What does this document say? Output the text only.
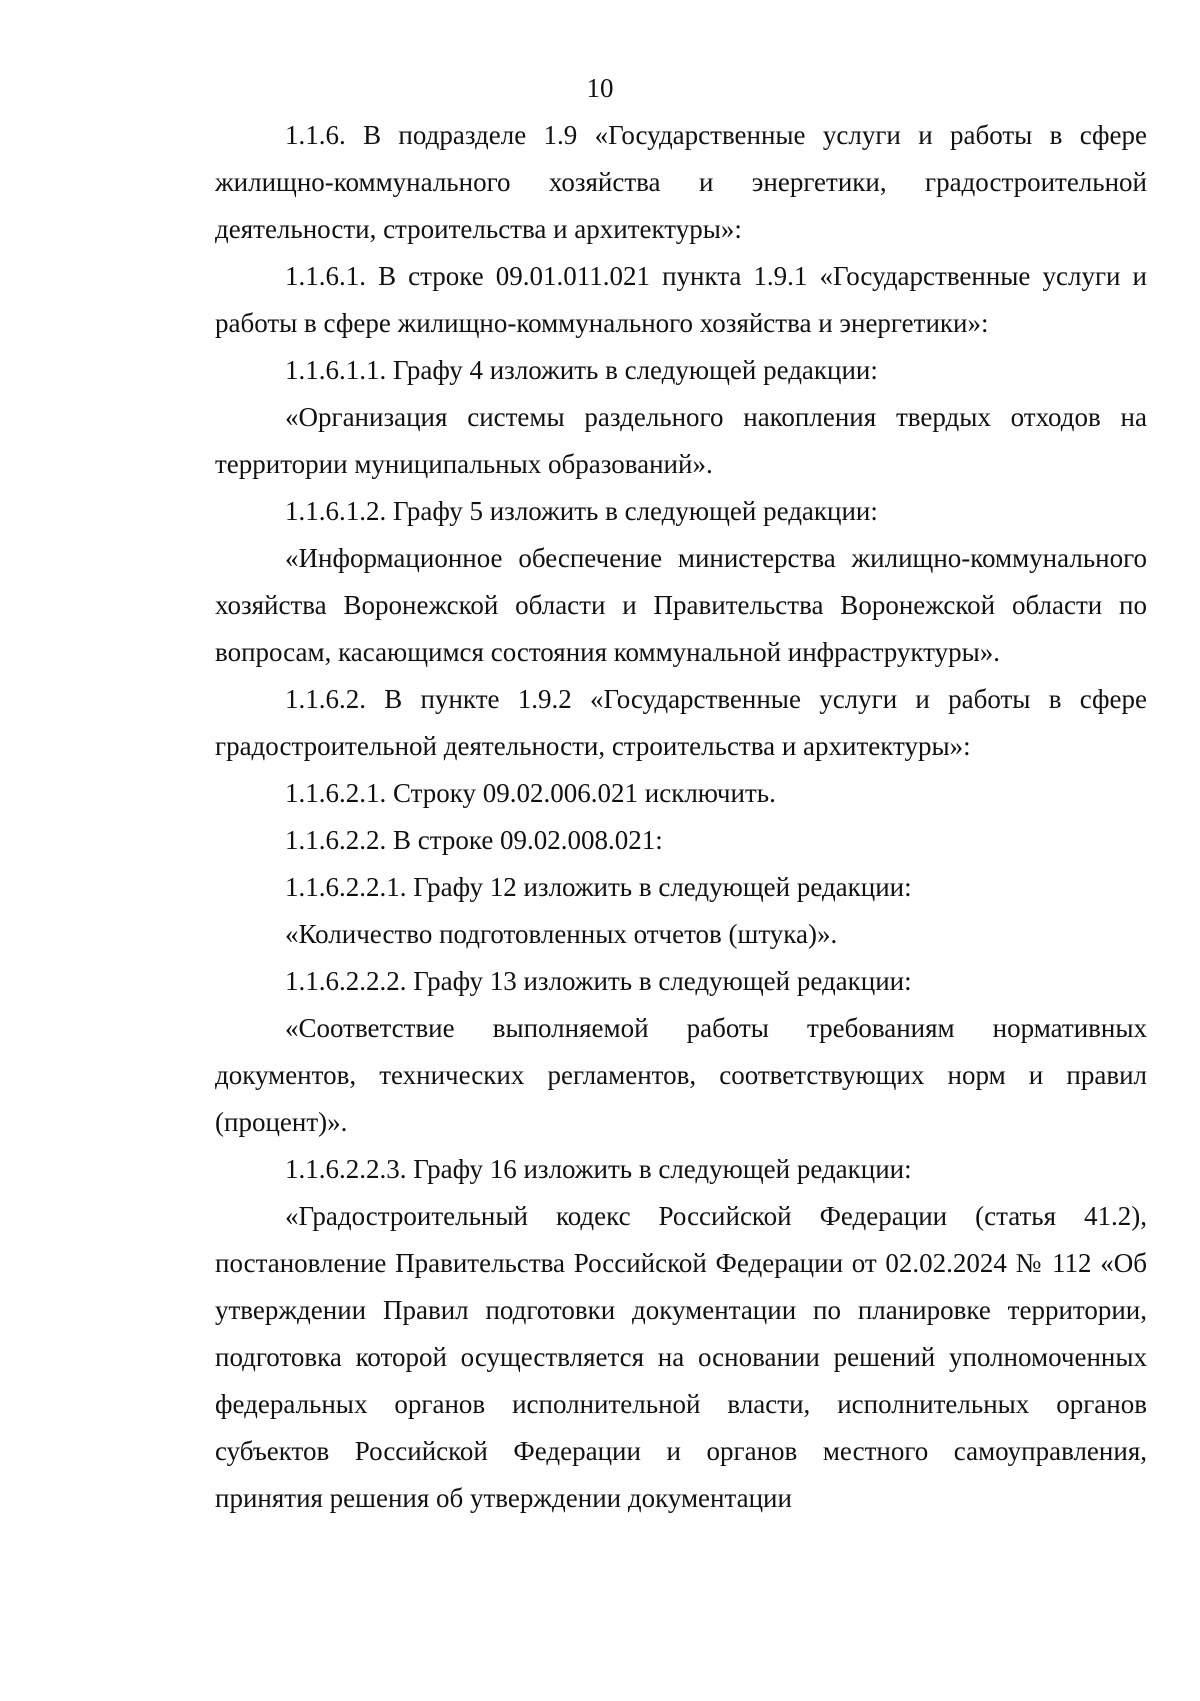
10

1.1.6. В подразделе 1.9 «Государственные услуги и работы в сфере жилищно-коммунального хозяйства и энергетики, градостроительной деятельности, строительства и архитектуры»:

1.1.6.1. В строке 09.01.011.021 пункта 1.9.1 «Государственные услуги и работы в сфере жилищно-коммунального хозяйства и энергетики»:

1.1.6.1.1. Графу 4 изложить в следующей редакции:

«Организация системы раздельного накопления твердых отходов на территории муниципальных образований».

1.1.6.1.2. Графу 5 изложить в следующей редакции:

«Информационное обеспечение министерства жилищно-коммунального хозяйства Воронежской области и Правительства Воронежской области по вопросам, касающимся состояния коммунальной инфраструктуры».

1.1.6.2. В пункте 1.9.2 «Государственные услуги и работы в сфере градостроительной деятельности, строительства и архитектуры»:

1.1.6.2.1. Строку 09.02.006.021 исключить.

1.1.6.2.2. В строке 09.02.008.021:

1.1.6.2.2.1. Графу 12 изложить в следующей редакции:

«Количество подготовленных отчетов (штука)».

1.1.6.2.2.2. Графу 13 изложить в следующей редакции:

«Соответствие выполняемой работы требованиям нормативных документов, технических регламентов, соответствующих норм и правил (процент)».

1.1.6.2.2.3. Графу 16 изложить в следующей редакции:

«Градостроительный кодекс Российской Федерации (статья 41.2), постановление Правительства Российской Федерации от 02.02.2024 № 112 «Об утверждении Правил подготовки документации по планировке территории, подготовка которой осуществляется на основании решений уполномоченных федеральных органов исполнительной власти, исполнительных органов субъектов Российской Федерации и органов местного самоуправления, принятия решения об утверждении документации
